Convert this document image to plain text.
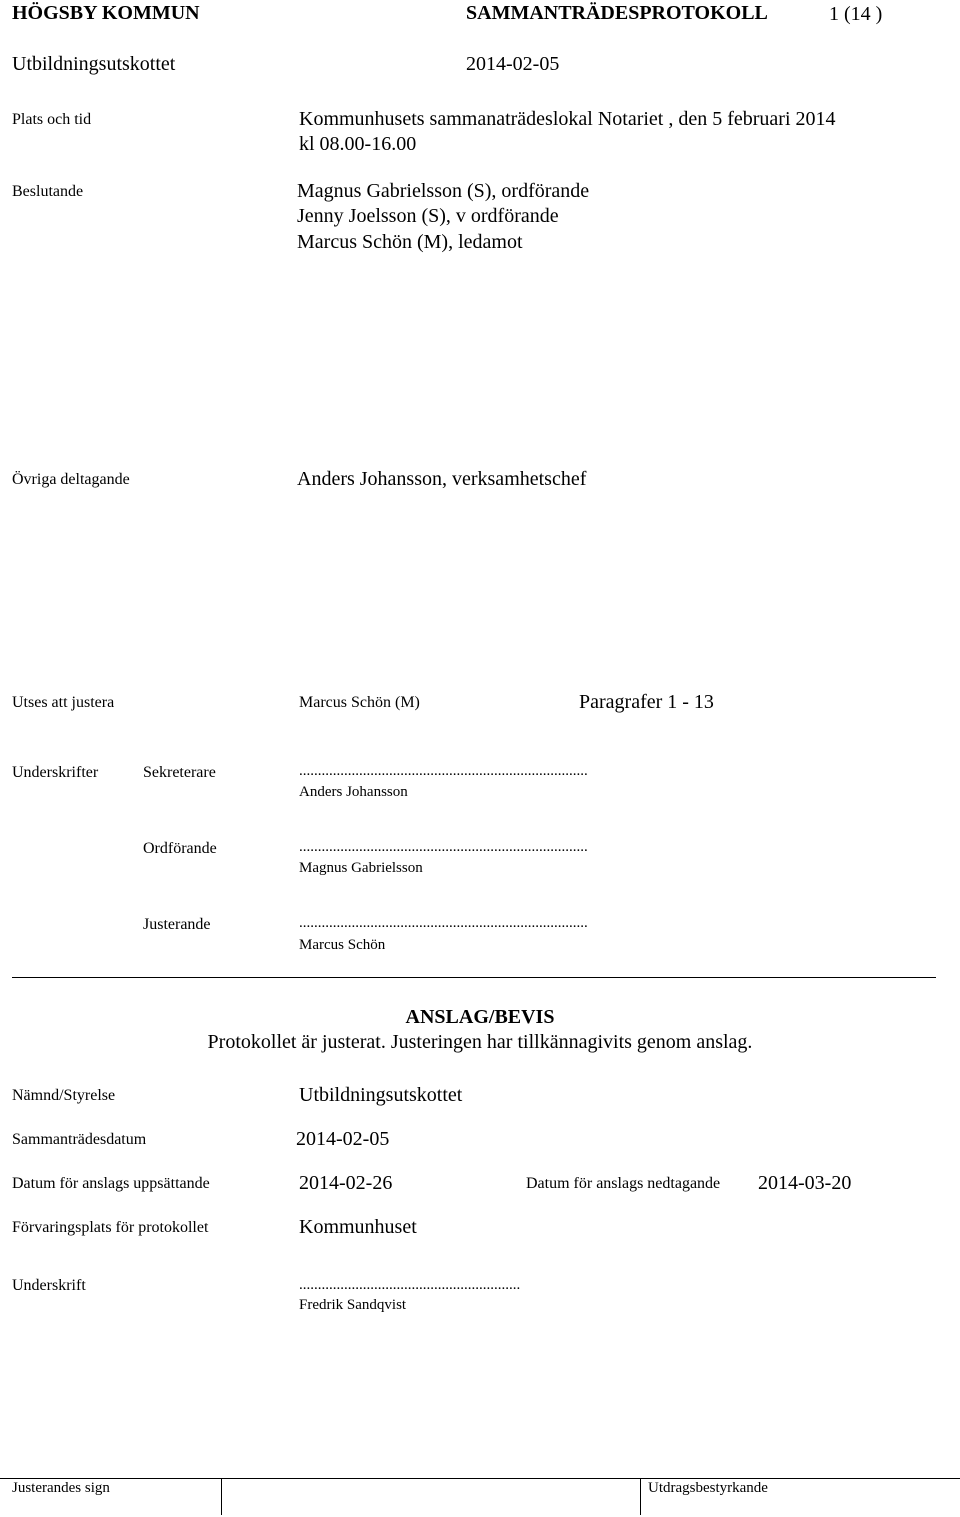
HÖGSBY KOMMUN	SAMMANTRÄDESPROTOKOLL	1 (14 )
Utbildningsutskottet	2014-02-05
Plats och tid	Kommunhusets sammanaträdeslokal Notariet , den 5 februari 2014
kl 08.00-16.00
Beslutande	Magnus Gabrielsson (S), ordförande
Jenny Joelsson (S), v ordförande
Marcus Schön (M), ledamot
Övriga deltagande	Anders Johansson, verksamhetschef
Utses att justera	Marcus Schön (M)	Paragrafer 1 - 13
Underskrifter	Sekreterare	.............................................................................
Anders Johansson
Ordförande	.............................................................................
Magnus Gabrielsson
Justerande	.............................................................................
Marcus Schön
ANSLAG/BEVIS
Protokollet är justerat. Justeringen har tillkännagivits genom anslag.
Nämnd/Styrelse	Utbildningsutskottet
Sammanträdesdatum	2014-02-05
Datum för anslags uppsättande	2014-02-26	Datum för anslags nedtagande 2014-03-20
Förvaringsplats för protokollet	Kommunhuset
Underskrift	...........................................................
Fredrik Sandqvist
Justerandes sign	Utdragsbestyrkande
